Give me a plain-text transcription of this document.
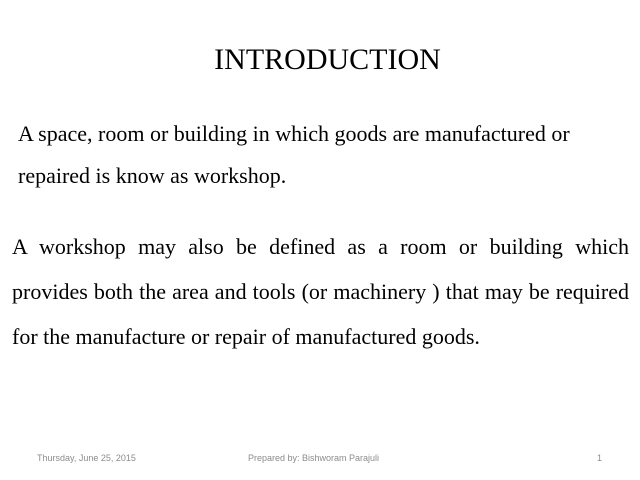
INTRODUCTION
A space, room or building in which goods are manufactured or repaired is know as workshop.
A workshop may also be defined as a room or building which provides both the area and tools (or machinery ) that may be required for the manufacture or repair of manufactured goods.
Thursday, June 25, 2015	Prepared by: Bishworam Parajuli	1
